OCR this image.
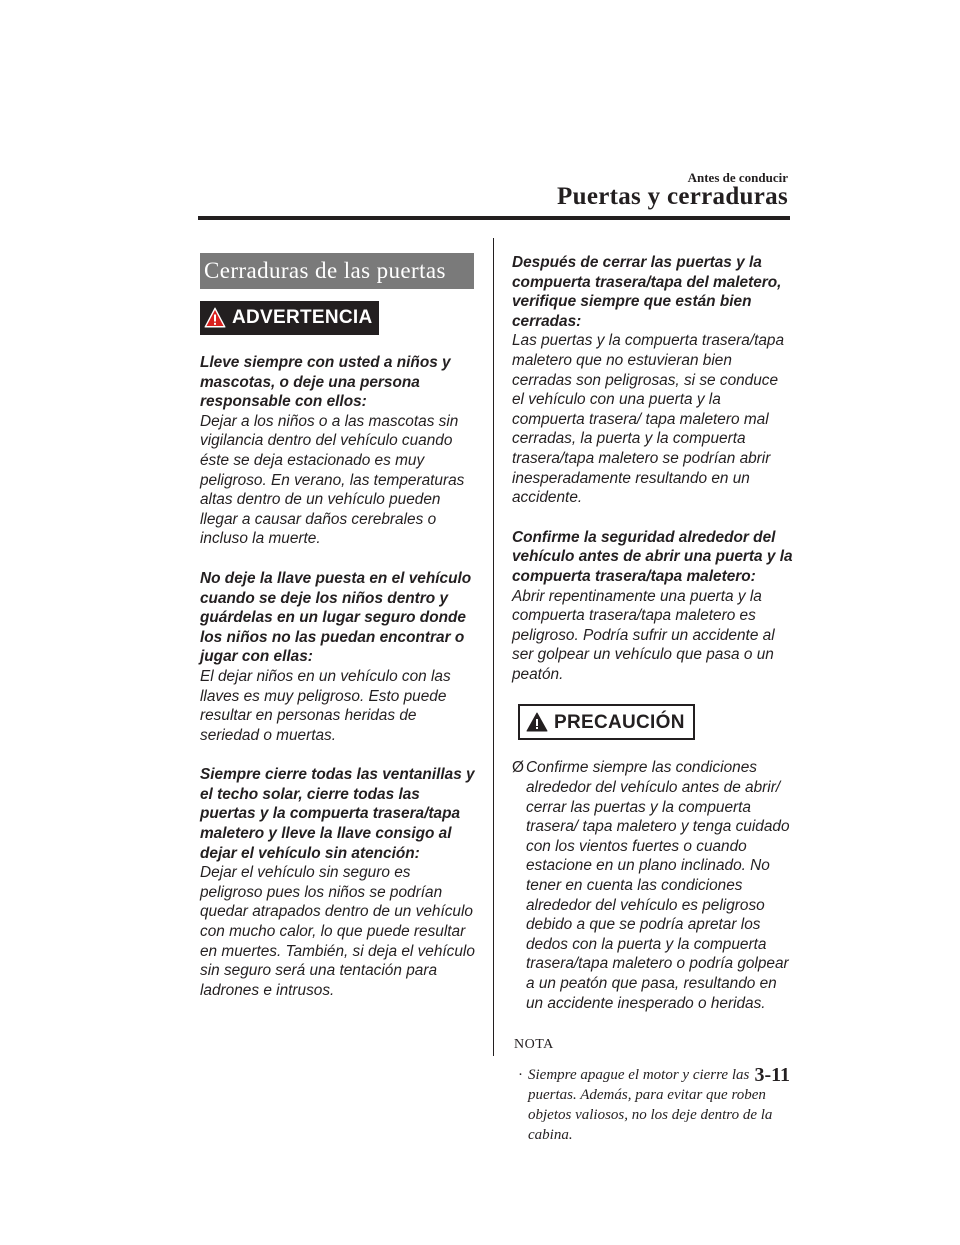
Antes de conducir
Puertas y cerraduras
Cerraduras de las puertas
ADVERTENCIA
Lleve siempre con usted a niños y mascotas, o deje una persona responsable con ellos:
Dejar a los niños o a las mascotas sin vigilancia dentro del vehículo cuando éste se deja estacionado es muy peligroso. En verano, las temperaturas altas dentro de un vehículo pueden llegar a causar daños cerebrales o incluso la muerte.
No deje la llave puesta en el vehículo cuando se deje los niños dentro y guárdelas en un lugar seguro donde los niños no las puedan encontrar o jugar con ellas:
El dejar niños en un vehículo con las llaves es muy peligroso. Esto puede resultar en personas heridas de seriedad o muertas.
Siempre cierre todas las ventanillas y el techo solar, cierre todas las puertas y la compuerta trasera/tapa maletero y lleve la llave consigo al dejar el vehículo sin atención:
Dejar el vehículo sin seguro es peligroso pues los niños se podrían quedar atrapados dentro de un vehículo con mucho calor, lo que puede resultar en muertes. También, si deja el vehículo sin seguro será una tentación para ladrones e intrusos.
Después de cerrar las puertas y la compuerta trasera/tapa del maletero, verifique siempre que están bien cerradas:
Las puertas y la compuerta trasera/tapa maletero que no estuvieran bien cerradas son peligrosas, si se conduce el vehículo con una puerta y la compuerta trasera/ tapa maletero mal cerradas, la puerta y la compuerta trasera/tapa maletero se podrían abrir inesperadamente resultando en un accidente.
Confirme la seguridad alrededor del vehículo antes de abrir una puerta y la compuerta trasera/tapa maletero:
Abrir repentinamente una puerta y la compuerta trasera/tapa maletero es peligroso. Podría sufrir un accidente al ser golpear un vehículo que pasa o un peatón.
PRECAUCIÓN
Ø Confirme siempre las condiciones alrededor del vehículo antes de abrir/ cerrar las puertas y la compuerta trasera/ tapa maletero y tenga cuidado con los vientos fuertes o cuando estacione en un plano inclinado. No tener en cuenta las condiciones alrededor del vehículo es peligroso debido a que se podría apretar los dedos con la puerta y la compuerta trasera/tapa maletero o podría golpear a un peatón que pasa, resultando en un accidente inesperado o heridas.
NOTA
· Siempre apague el motor y cierre las puertas. Además, para evitar que roben objetos valiosos, no los deje dentro de la cabina.
3-11
